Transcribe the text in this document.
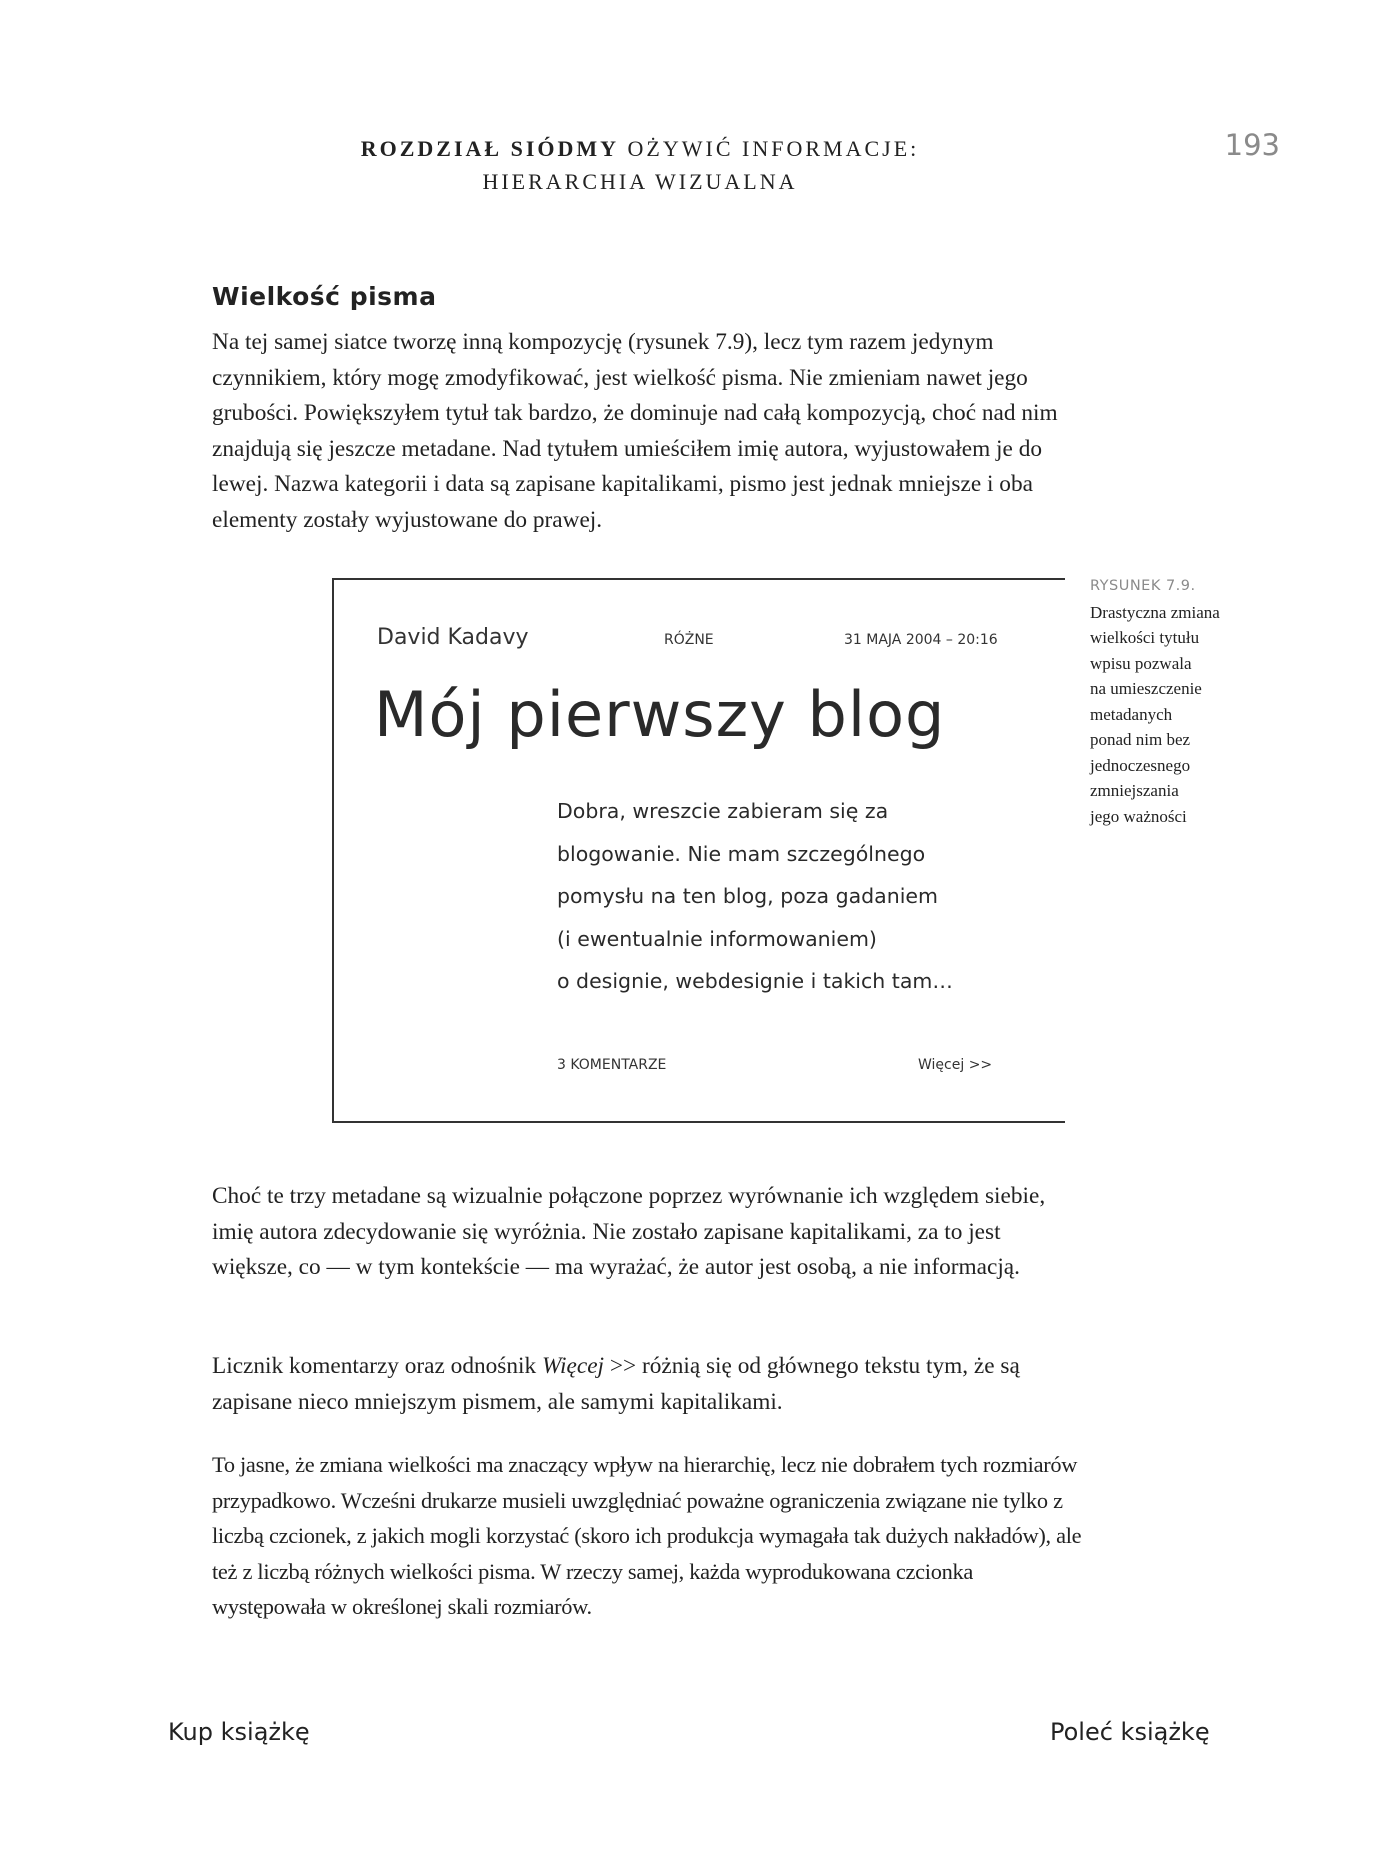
ROZDZIAŁ SIÓDMY OŻYWIĆ INFORMACJE:
HIERARCHIA WIZUALNA
193
Wielkość pisma

Na tej samej siatce tworzę inną kompozycję (rysunek 7.9), lecz tym razem jedynym czynnikiem, który mogę zmodyfikować, jest wielkość pisma. Nie zmieniam nawet jego grubości. Powiększyłem tytuł tak bardzo, że dominuje nad całą kompozycją, choć nad nim znajdują się jeszcze metadane. Nad tytułem umieściłem imię autora, wyjustowałem je do lewej. Nazwa kategorii i data są zapisane kapitalikami, pismo jest jednak mniejsze i oba elementy zostały wyjustowane do prawej.

David Kadavy	RÓŻNE	31 MAJA 2004 – 20:16
Mój pierwszy blog
Dobra, wreszcie zabieram się za
blogowanie. Nie mam szczególnego
pomysłu na ten blog, poza gadaniem
(i ewentualnie informowaniem)
o designie, webdesignie i takich tam…
3 KOMENTARZE	Więcej >>
RYSUNEK 7.9.
Drastyczna zmiana
wielkości tytułu
wpisu pozwala
na umieszczenie
metadanych
ponad nim bez
jednoczesnego
zmniejszania
jego ważności

Choć te trzy metadane są wizualnie połączone poprzez wyrównanie ich względem siebie, imię autora zdecydowanie się wyróżnia. Nie zostało zapisane kapitalikami, za to jest większe, co — w tym kontekście — ma wyrażać, że autor jest osobą, a nie informacją.

Licznik komentarzy oraz odnośnik Więcej >> różnią się od głównego tekstu tym, że są zapisane nieco mniejszym pismem, ale samymi kapitalikami.

To jasne, że zmiana wielkości ma znaczący wpływ na hierarchię, lecz nie dobrałem tych rozmiarów przypadkowo. Wcześni drukarze musieli uwzględniać poważne ograniczenia związane nie tylko z liczbą czcionek, z jakich mogli korzystać (skoro ich produkcja wymagała tak dużych nakładów), ale też z liczbą różnych wielkości pisma. W rzeczy samej, każda wyprodukowana czcionka występowała w określonej skali rozmiarów.

Kup książkę	Poleć książkę
